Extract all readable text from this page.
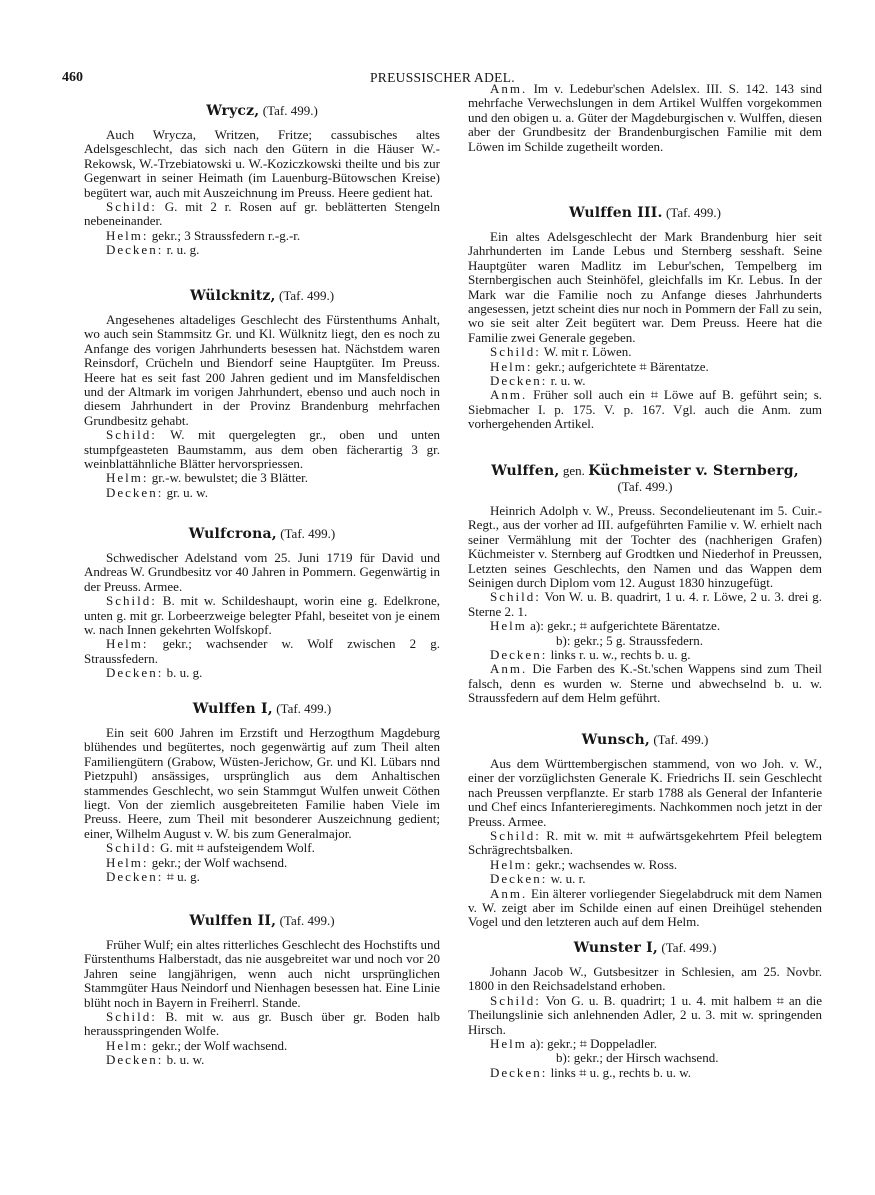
460	PREUSSISCHER ADEL.
Wrycz, (Taf. 499.)

Auch Wrycza, Writzen, Fritze; cassubisches altes Adelsgeschlecht, das sich nach den Gütern in die Häuser W.-Rekowsk, W.-Trzebiatowski u. W.-Koziczkowski theilte und bis zur Gegenwart in seiner Heimath (im Lauenburg-Bütowschen Kreise) begütert war, auch mit Auszeichnung im Preuss. Heere gedient hat.

Schild: G. mit 2 r. Rosen auf gr. beblätterten Stengeln nebeneinander.

Helm: gekr.; 3 Straussfedern r.-g.-r.

Decken: r. u. g.

Wülcknitz, (Taf. 499.)

Angesehenes altadeliges Geschlecht des Fürstenthums Anhalt, wo auch sein Stammsitz Gr. und Kl. Wülknitz liegt, den es noch zu Anfange des vorigen Jahrhunderts besessen hat. Nächstdem waren Reinsdorf, Crücheln und Biendorf seine Hauptgüter. Im Preuss. Heere hat es seit fast 200 Jahren gedient und im Mansfeldischen und der Altmark im vorigen Jahrhundert, ebenso und auch noch in diesem Jahrhundert in der Provinz Brandenburg mehrfachen Grundbesitz gehabt.

Schild: W. mit quergelegten gr., oben und unten stumpfgeasteten Baumstamm, aus dem oben fächerartig 3 gr. weinblattähnliche Blätter hervorspriessen.

Helm: gr.-w. bewulstet; die 3 Blätter.

Decken: gr. u. w.

Wulfcrona, (Taf. 499.)

Schwedischer Adelstand vom 25. Juni 1719 für David und Andreas W. Grundbesitz vor 40 Jahren in Pommern. Gegenwärtig in der Preuss. Armee.

Schild: B. mit w. Schildeshaupt, worin eine g. Edelkrone, unten g. mit gr. Lorbeerzweige belegter Pfahl, beseitet von je einem w. nach Innen gekehrten Wolfskopf.

Helm: gekr.; wachsender w. Wolf zwischen 2 g. Straussfedern.

Decken: b. u. g.

Wulffen I, (Taf. 499.)

Ein seit 600 Jahren im Erzstift und Herzogthum Magdeburg blühendes und begütertes, noch gegenwärtig auf zum Theil alten Familiengütern (Grabow, Wüsten-Jerichow, Gr. und Kl. Lübars nnd Pietzpuhl) ansässiges, ursprünglich aus dem Anhaltischen stammendes Geschlecht, wo sein Stammgut Wulfen unweit Cöthen liegt. Von der ziemlich ausgebreiteten Familie haben Viele im Preuss. Heere, zum Theil mit besonderer Auszeichnung gedient; einer, Wilhelm August v. W. bis zum Generalmajor.

Schild: G. mit ⌗ aufsteigendem Wolf.

Helm: gekr.; der Wolf wachsend.

Decken: ⌗ u. g.

Wulffen II, (Taf. 499.)

Früher Wulf; ein altes ritterliches Geschlecht des Hochstifts und Fürstenthums Halberstadt, das nie ausgebreitet war und noch vor 20 Jahren seine langjährigen, wenn auch nicht ursprünglichen Stammgüter Haus Neindorf und Nienhagen besessen hat. Eine Linie blüht noch in Bayern in Freiherrl. Stande.

Schild: B. mit w. aus gr. Busch über gr. Boden halb herausspringenden Wolfe.

Helm: gekr.; der Wolf wachsend.

Decken: b. u. w.

Anm. Im v. Ledebur'schen Adelslex. III. S. 142. 143 sind mehrfache Verwechslungen in dem Artikel Wulffen vorgekommen und den obigen u. a. Güter der Magdeburgischen v. Wulffen, diesen aber der Grundbesitz der Brandenburgischen Familie mit dem Löwen im Schilde zugetheilt worden.

Wulffen III. (Taf. 499.)

Ein altes Adelsgeschlecht der Mark Brandenburg hier seit Jahrhunderten im Lande Lebus und Sternberg sesshaft. Seine Hauptgüter waren Madlitz im Lebur'schen, Tempelberg im Sternbergischen auch Steinhöfel, gleichfalls im Kr. Lebus. In der Mark war die Familie noch zu Anfange dieses Jahrhunderts angesessen, jetzt scheint dies nur noch in Pommern der Fall zu sein, wo sie seit alter Zeit begütert war. Dem Preuss. Heere hat die Familie zwei Generale gegeben.

Schild: W. mit r. Löwen.

Helm: gekr.; aufgerichtete ⌗ Bärentatze.

Decken: r. u. w.

Anm. Früher soll auch ein ⌗ Löwe auf B. geführt sein; s. Siebmacher I. p. 175. V. p. 167. Vgl. auch die Anm. zum vorhergehenden Artikel.

Wulffen, gen. Küchmeister v. Sternberg,
(Taf. 499.)

Heinrich Adolph v. W., Preuss. Secondelieutenant im 5. Cuir.-Regt., aus der vorher ad III. aufgeführten Familie v. W. erhielt nach seiner Vermählung mit der Tochter des (nachherigen Grafen) Küchmeister v. Sternberg auf Grodtken und Niederhof in Preussen, Letzten seines Geschlechts, den Namen und das Wappen dem Seinigen durch Diplom vom 12. August 1830 hinzugefügt.

Schild: Von W. u. B. quadrirt, 1 u. 4. r. Löwe, 2 u. 3. drei g. Sterne 2. 1.

Helm a): gekr.; ⌗ aufgerichtete Bärentatze.

b): gekr.; 5 g. Straussfedern.

Decken: links r. u. w., rechts b. u. g.

Anm. Die Farben des K.-St.'schen Wappens sind zum Theil falsch, denn es wurden w. Sterne und abwechselnd b. u. w. Straussfedern auf dem Helm geführt.

Wunsch, (Taf. 499.)

Aus dem Württembergischen stammend, von wo Joh. v. W., einer der vorzüglichsten Generale K. Friedrichs II. sein Geschlecht nach Preussen verpflanzte. Er starb 1788 als General der Infanterie und Chef eincs Infanterieregiments. Nachkommen noch jetzt in der Preuss. Armee.

Schild: R. mit w. mit ⌗ aufwärtsgekehrtem Pfeil belegtem Schrägrechtsbalken.

Helm: gekr.; wachsendes w. Ross.

Decken: w. u. r.

Anm. Ein älterer vorliegender Siegelabdruck mit dem Namen v. W. zeigt aber im Schilde einen auf einen Dreihügel stehenden Vogel und den letzteren auch auf dem Helm.

Wunster I, (Taf. 499.)

Johann Jacob W., Gutsbesitzer in Schlesien, am 25. Novbr. 1800 in den Reichsadelstand erhoben.

Schild: Von G. u. B. quadrirt; 1 u. 4. mit halbem ⌗ an die Theilungslinie sich anlehnenden Adler, 2 u. 3. mit w. springenden Hirsch.

Helm a): gekr.; ⌗ Doppeladler.

b): gekr.; der Hirsch wachsend.

Decken: links ⌗ u. g., rechts b. u. w.
